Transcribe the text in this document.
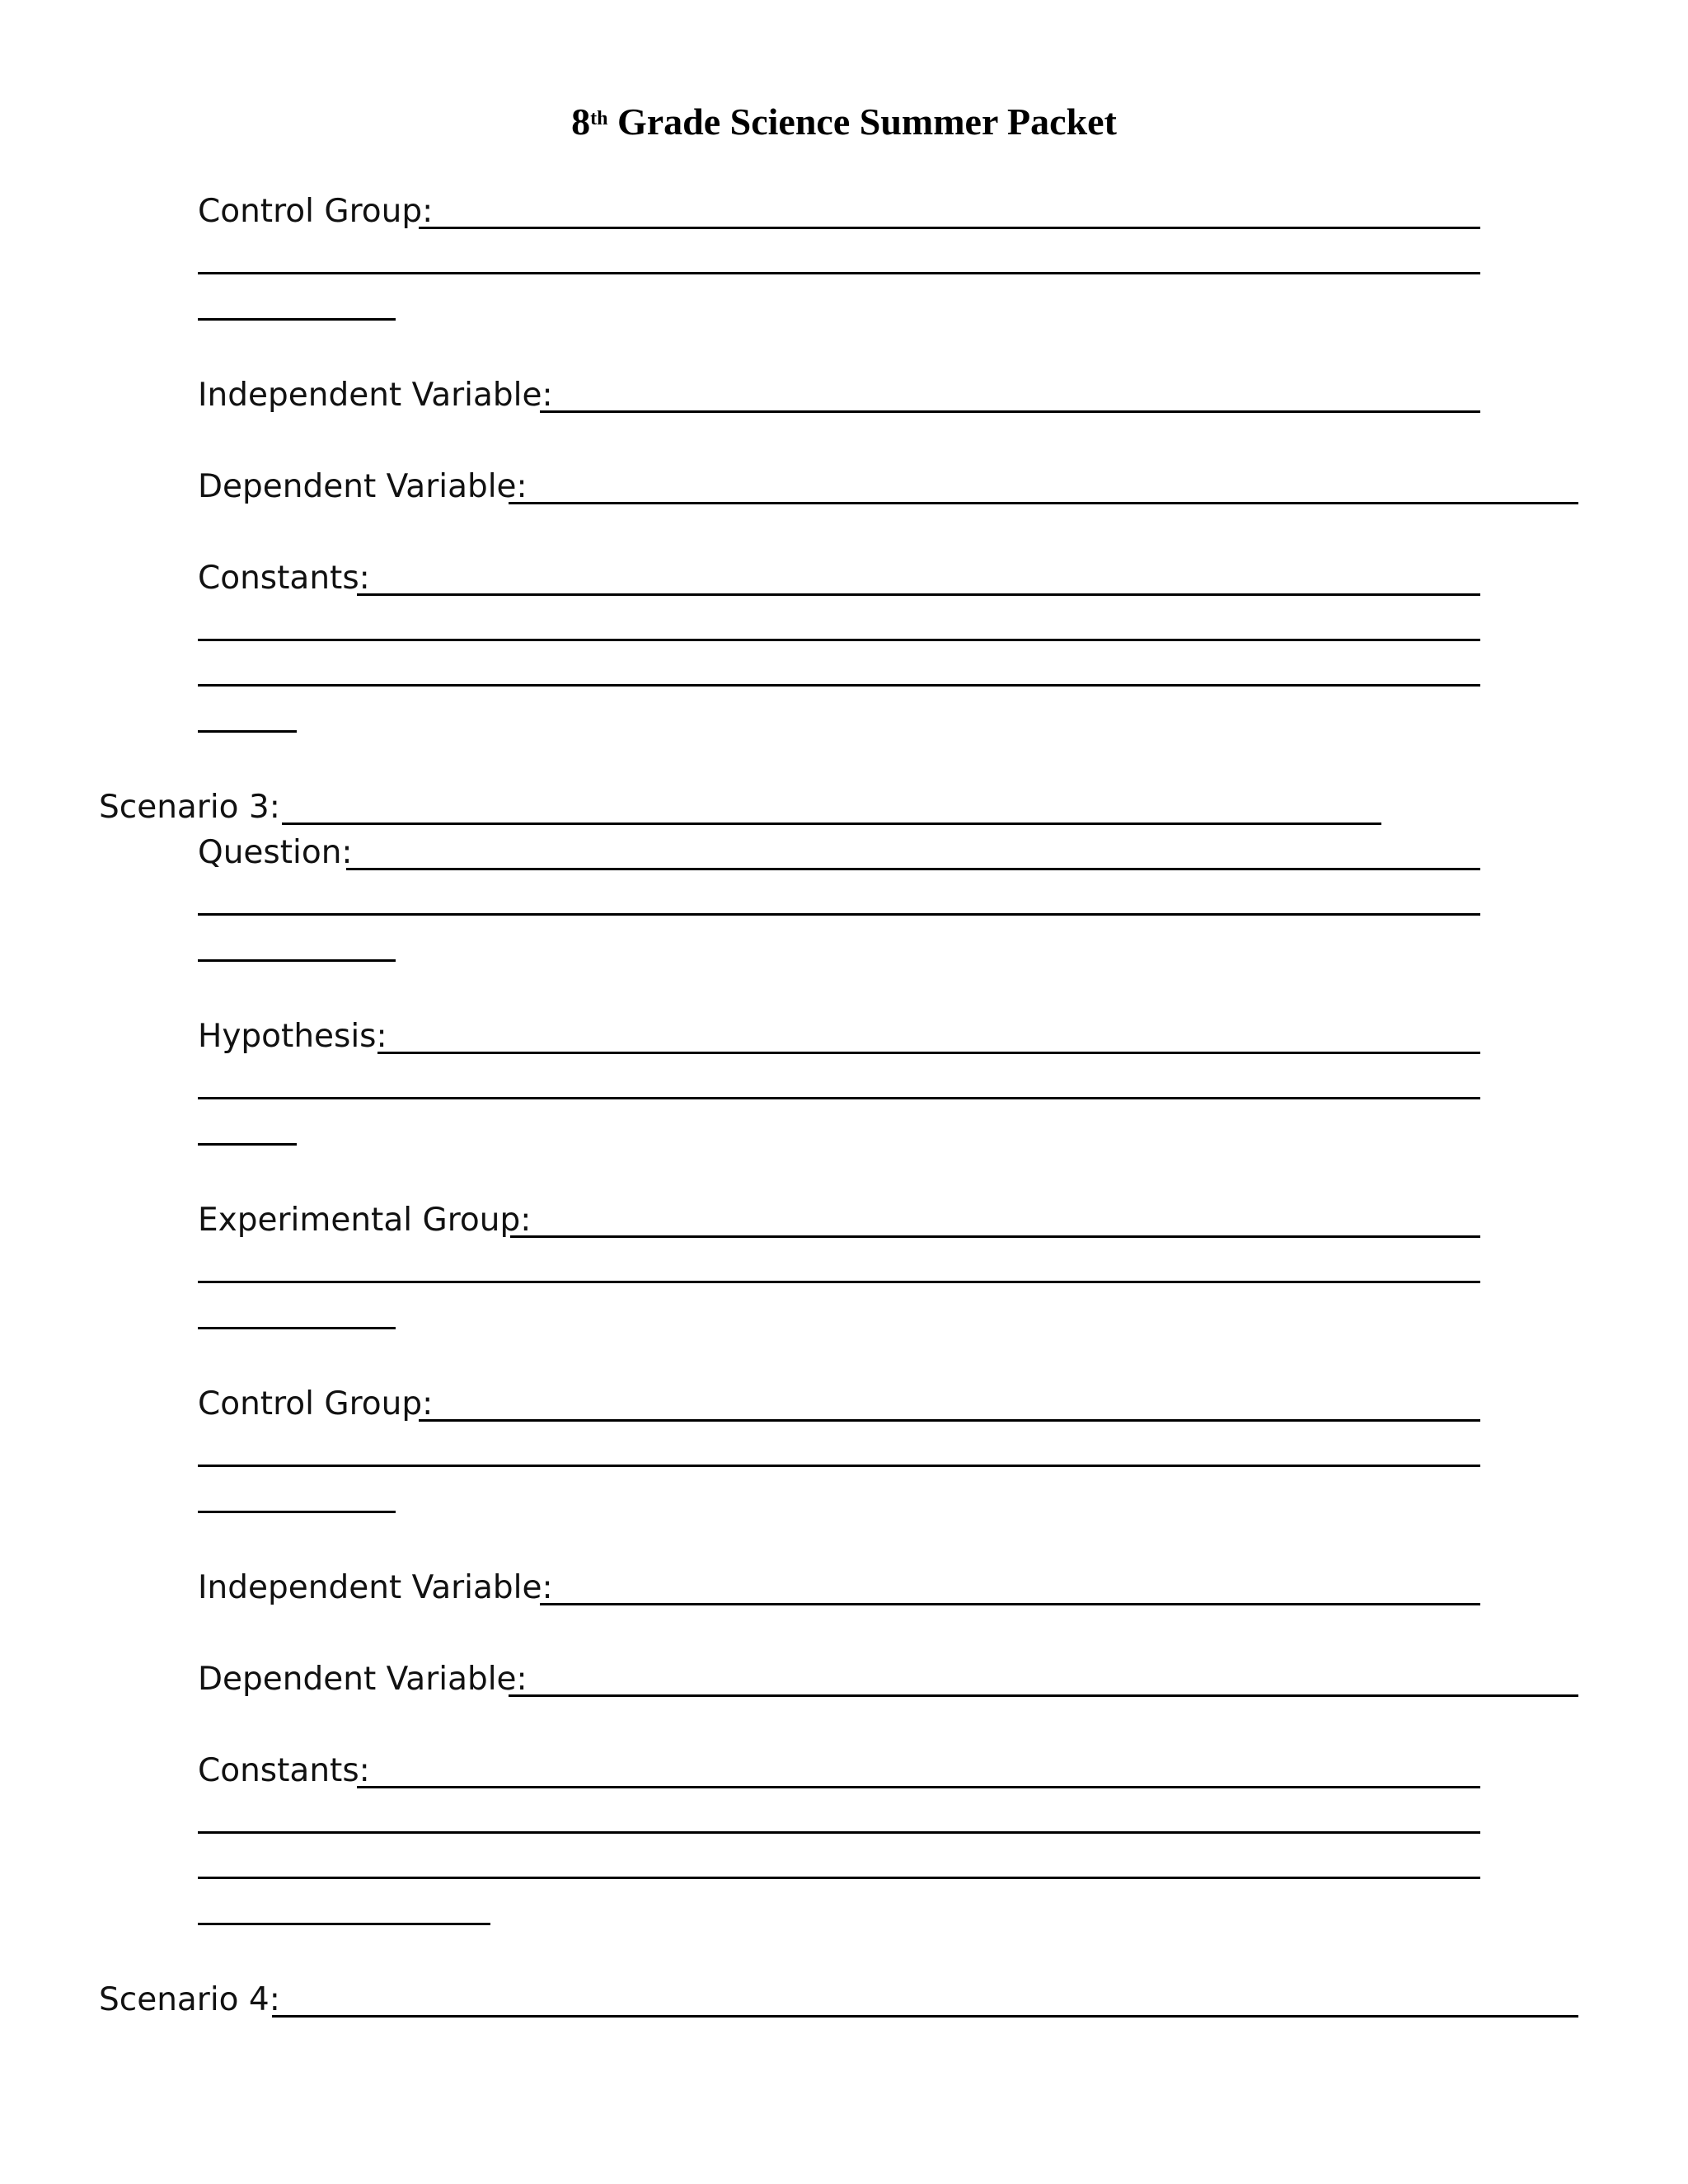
8th Grade Science Summer Packet
Control Group:
Independent Variable:
Dependent Variable:
Constants:
Scenario 3:
Question:
Hypothesis:
Experimental Group:
Control Group:
Independent Variable:
Dependent Variable:
Constants:
Scenario 4:
